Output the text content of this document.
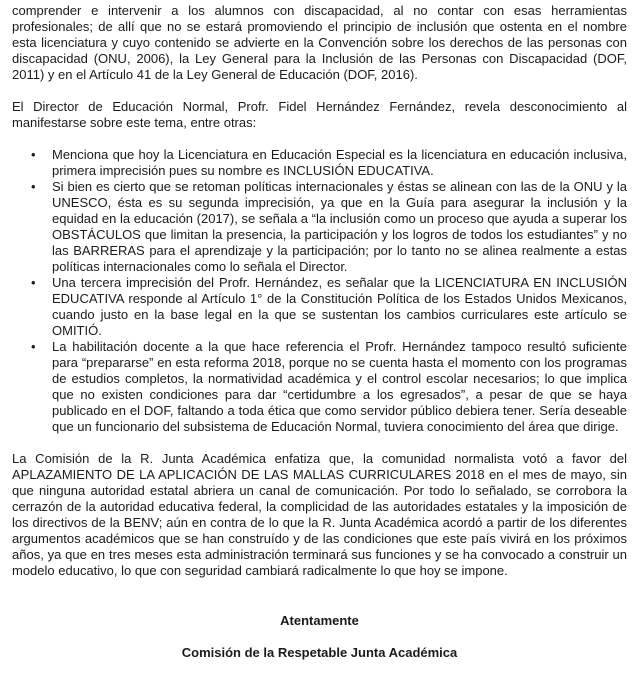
comprender e intervenir a los alumnos con discapacidad, al no contar con esas herramientas profesionales; de allí que no se estará promoviendo el principio de inclusión que ostenta en el nombre esta licenciatura y cuyo contenido se advierte en la Convención sobre los derechos de las personas con discapacidad (ONU, 2006), la Ley General para la Inclusión de las Personas con Discapacidad (DOF, 2011) y en el Artículo 41 de la Ley General de Educación (DOF, 2016).

El Director de Educación Normal, Profr. Fidel Hernández Fernández, revela desconocimiento al manifestarse sobre este tema, entre otras:

• Menciona que hoy la Licenciatura en Educación Especial es la licenciatura en educación inclusiva, primera imprecisión pues su nombre es INCLUSIÓN EDUCATIVA.
• Si bien es cierto que se retoman políticas internacionales y éstas se alinean con las de la ONU y la UNESCO, ésta es su segunda imprecisión, ya que en la Guía para asegurar la inclusión y la equidad en la educación (2017), se señala a “la inclusión como un proceso que ayuda a superar los OBSTÁCULOS que limitan la presencia, la participación y los logros de todos los estudiantes” y no las BARRERAS para el aprendizaje y la participación; por lo tanto no se alinea realmente a estas políticas internacionales como lo señala el Director.
• Una tercera imprecisión del Profr. Hernández, es señalar que la LICENCIATURA EN INCLUSIÓN EDUCATIVA responde al Artículo 1° de la Constitución Política de los Estados Unidos Mexicanos, cuando justo en la base legal en la que se sustentan los cambios curriculares este artículo se OMITIÓ.
• La habilitación docente a la que hace referencia el Profr. Hernández tampoco resultó suficiente para “prepararse” en esta reforma 2018, porque no se cuenta hasta el momento con los programas de estudios completos, la normatividad académica y el control escolar necesarios; lo que implica que no existen condiciones para dar “certidumbre a los egresados”, a pesar de que se haya publicado en el DOF, faltando a toda ética que como servidor público debiera tener. Sería deseable que un funcionario del subsistema de Educación Normal, tuviera conocimiento del área que dirige.

La Comisión de la R. Junta Académica enfatiza que, la comunidad normalista votó a favor del APLAZAMIENTO DE LA APLICACIÓN DE LAS MALLAS CURRICULARES 2018 en el mes de mayo, sin que ninguna autoridad estatal abriera un canal de comunicación. Por todo lo señalado, se corrobora la cerrazón de la autoridad educativa federal, la complicidad de las autoridades estatales y la imposición de los directivos de la BENV; aún en contra de lo que la R. Junta Académica acordó a partir de los diferentes argumentos académicos que se han construído y de las condiciones que este país vivirá en los próximos años, ya que en tres meses esta administración terminará sus funciones y se ha convocado a construir un modelo educativo, lo que con seguridad cambiará radicalmente lo que hoy se impone.

Atentamente

Comisión de la Respetable Junta Académica
